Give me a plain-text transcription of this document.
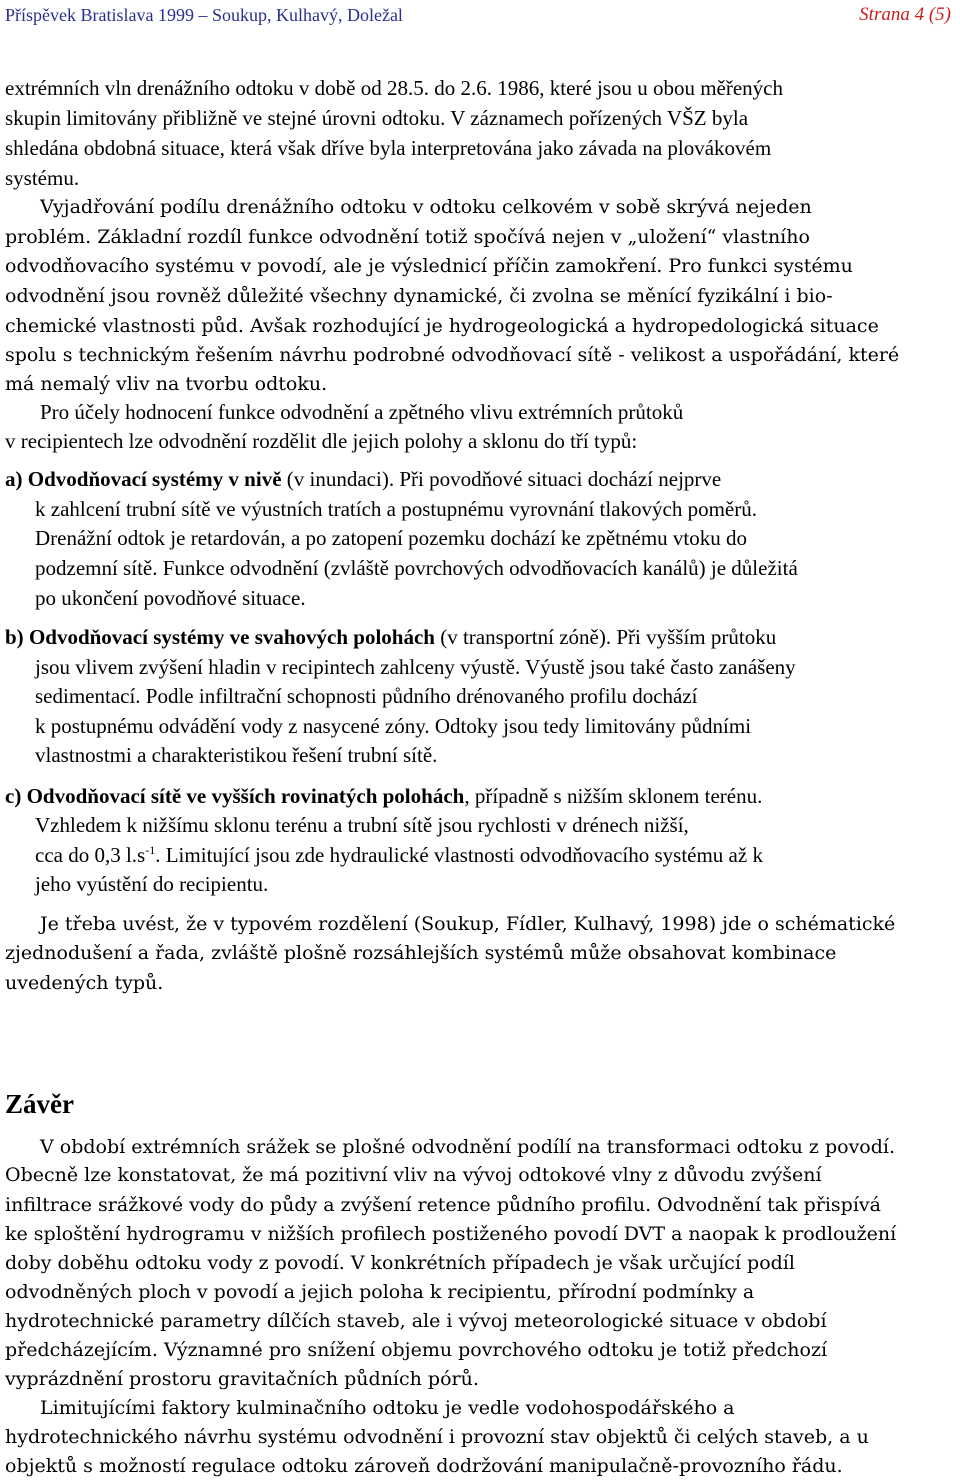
Příspěvek Bratislava 1999 – Soukup, Kulhavý, Doležal	Strana 4 (5)
extrémních vln drenážního odtoku v době od 28.5. do 2.6. 1986, které jsou u obou měřených
skupin limitovány přibližně ve stejné úrovni odtoku. V záznamech pořízených VŠZ byla
shledána obdobná situace, která však dříve byla interpretována jako závada na plovákovém
systému.
Vyjadřování podílu drenážního odtoku v odtoku celkovém v sobě skrývá nejeden
problém. Základní rozdíl funkce odvodnění totiž spočívá nejen v „uložení“ vlastního
odvodňovacího systému v povodí, ale je výslednicí příčin zamokření. Pro funkci systému
odvodnění jsou rovněž důležité všechny dynamické, či zvolna se měnící fyzikální i bio-
chemické vlastnosti půd. Avšak rozhodující je hydrogeologická a hydropedologická situace
spolu s technickým řešením návrhu podrobné odvodňovací sítě - velikost a uspořádání, které
má nemalý vliv na tvorbu odtoku.
Pro účely hodnocení funkce odvodnění a zpětného vlivu extrémních průtoků
v recipientech lze odvodnění rozdělit dle jejich polohy a sklonu do tří typů:
a) Odvodňovací systémy v nivě (v inundaci). Při povodňové situaci dochází nejprve
k zahlcení trubní sítě ve výustních tratích a postupnému vyrovnání tlakových poměrů.
Drenážní odtok je retardován, a po zatopení pozemku dochází ke zpětnému vtoku do
podzemní sítě. Funkce odvodnění (zvláště povrchových odvodňovacích kanálů) je důležitá
po ukončení povodňové situace.
b) Odvodňovací systémy ve svahových polohách (v transportní zóně). Při vyšším průtoku
jsou vlivem zvýšení hladin v recipintech zahlceny výustě. Výustě jsou také často zanášeny
sedimentací. Podle infiltrační schopnosti půdního drénovaného profilu dochází
k postupnému odvádění vody z nasycené zóny. Odtoky jsou tedy limitovány půdními
vlastnostmi a charakteristikou řešení trubní sítě.
c) Odvodňovací sítě ve vyšších rovinatých polohách, případně s nižším sklonem terénu.
Vzhledem k nižšímu sklonu terénu a trubní sítě jsou rychlosti v drénech nižší,
cca do 0,3 $l.s^{-1}$. Limitující jsou zde hydraulické vlastnosti odvodňovacího systému až k
jeho vyústění do recipientu.
Je třeba uvést, že v typovém rozdělení (Soukup, Fídler, Kulhavý, 1998) jde o schématické
zjednodušení a řada, zvláště plošně rozsáhlejších systémů může obsahovat kombinace
uvedených typů.
Závěr
V období extrémních srážek se plošné odvodnění podílí na transformaci odtoku z povodí.
Obecně lze konstatovat, že má pozitivní vliv na vývoj odtokové vlny z důvodu zvýšení
infiltrace srážkové vody do půdy a zvýšení retence půdního profilu. Odvodnění tak přispívá
ke sploštění hydrogramu v nižších profilech postiženého povodí DVT a naopak k prodloužení
doby doběhu odtoku vody z povodí. V konkrétních případech je však určující podíl
odvodněných ploch v povodí a jejich poloha k recipientu, přírodní podmínky a
hydrotechnické parametry dílčích staveb, ale i vývoj meteorologické situace v období
předcházejícím. Významné pro snížení objemu povrchového odtoku je totiž předchozí
vyprázdnění prostoru gravitačních půdních pórů.
Limitujícími faktory kulminačního odtoku je vedle vodohospodářského a
hydrotechnického návrhu systému odvodnění i provozní stav objektů či celých staveb, a u
objektů s možností regulace odtoku zároveň dodržování manipulačně-provozního řádu.
